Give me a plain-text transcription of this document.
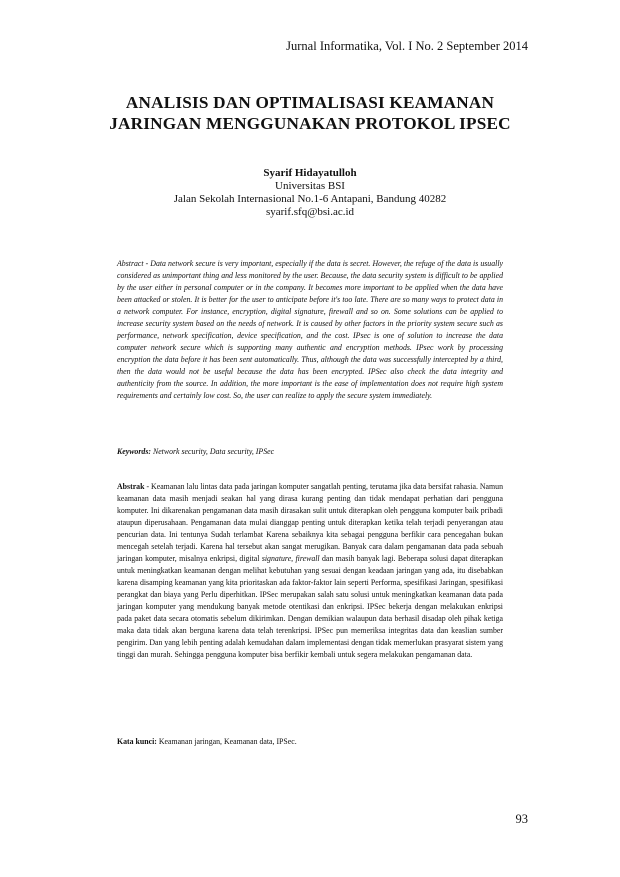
Jurnal Informatika, Vol. I No. 2 September 2014
ANALISIS DAN OPTIMALISASI KEAMANAN JARINGAN MENGGUNAKAN PROTOKOL IPSEC
Syarif Hidayatulloh
Universitas BSI
Jalan Sekolah Internasional No.1-6 Antapani, Bandung 40282
syarif.sfq@bsi.ac.id
Abstract - Data network secure is very important, especially if the data is secret. However, the refuge of the data is usually considered as unimportant thing and less monitored by the user. Because, the data security system is difficult to be applied by the user either in personal computer or in the company. It becomes more important to be applied when the data have been attacked or stolen. It is better for the user to anticipate before it's too late. There are so many ways to protect data in a network computer. For instance, encryption, digital signature, firewall and so on. Some solutions can be applied to increase security system based on the needs of network. It is caused by other factors in the priority system secure such as performance, network specification, device specification, and the cost. IPsec is one of solution to increase the data computer network secure which is supporting many authentic and encryption methods. IPsec work by processing encryption the data before it has been sent automatically. Thus, although the data was successfully intercepted by a third, then the data would not be useful because the data has been encrypted. IPSec also check the data integrity and authenticity from the source. In addition, the more important is the ease of implementation does not require high system requirements and certainly low cost. So, the user can realize to apply the secure system immediately.
Keywords: Network security, Data security, IPSec
Abstrak - Keamanan lalu lintas data pada jaringan komputer sangatlah penting, terutama jika data bersifat rahasia. Namun keamanan data masih menjadi seakan hal yang dirasa kurang penting dan tidak mendapat perhatian dari pengguna komputer. Ini dikarenakan pengamanan data masih dirasakan sulit untuk diterapkan oleh pengguna komputer baik pribadi ataupun diperusahaan. Pengamanan data mulai dianggap penting untuk diterapkan ketika telah terjadi penyerangan atau pencurian data. Ini tentunya Sudah terlambat Karena sebaiknya kita sebagai pengguna berfikir cara pencegahan bukan mencegah setelah terjadi. Karena hal tersebut akan sangat merugikan. Banyak cara dalam pengamanan data pada sebuah jaringan komputer, misalnya enkripsi, digital signature, firewall dan masih banyak lagi. Beberapa solusi dapat diterapkan untuk meningkatkan keamanan dengan melihat kebutuhan yang sesuai dengan keadaan jaringan yang ada, itu disebabkan karena disamping keamanan yang kita prioritaskan ada faktor-faktor lain seperti Performa, spesifikasi Jaringan, spesifikasi perangkat dan biaya yang Perlu diperhitkan. IPSec merupakan salah satu solusi untuk meningkatkan keamanan data pada jaringan komputer yang mendukung banyak metode otentikasi dan enkripsi. IPSec bekerja dengan melakukan enkripsi pada paket data secara otomatis sebelum dikirimkan. Dengan demikian walaupun data berhasil disadap oleh pihak ketiga maka data tidak akan berguna karena data telah terenkripsi. IPSec pun memeriksa integritas data dan keaslian sumber pengirim. Dan yang lebih penting adalah kemudahan dalam implementasi dengan tidak memerlukan prasyarat sistem yang tinggi dan murah. Sehingga pengguna komputer bisa berfikir kembali untuk segera melakukan pengamanan data.
Kata kunci: Keamanan jaringan, Keamanan data, IPSec.
93
